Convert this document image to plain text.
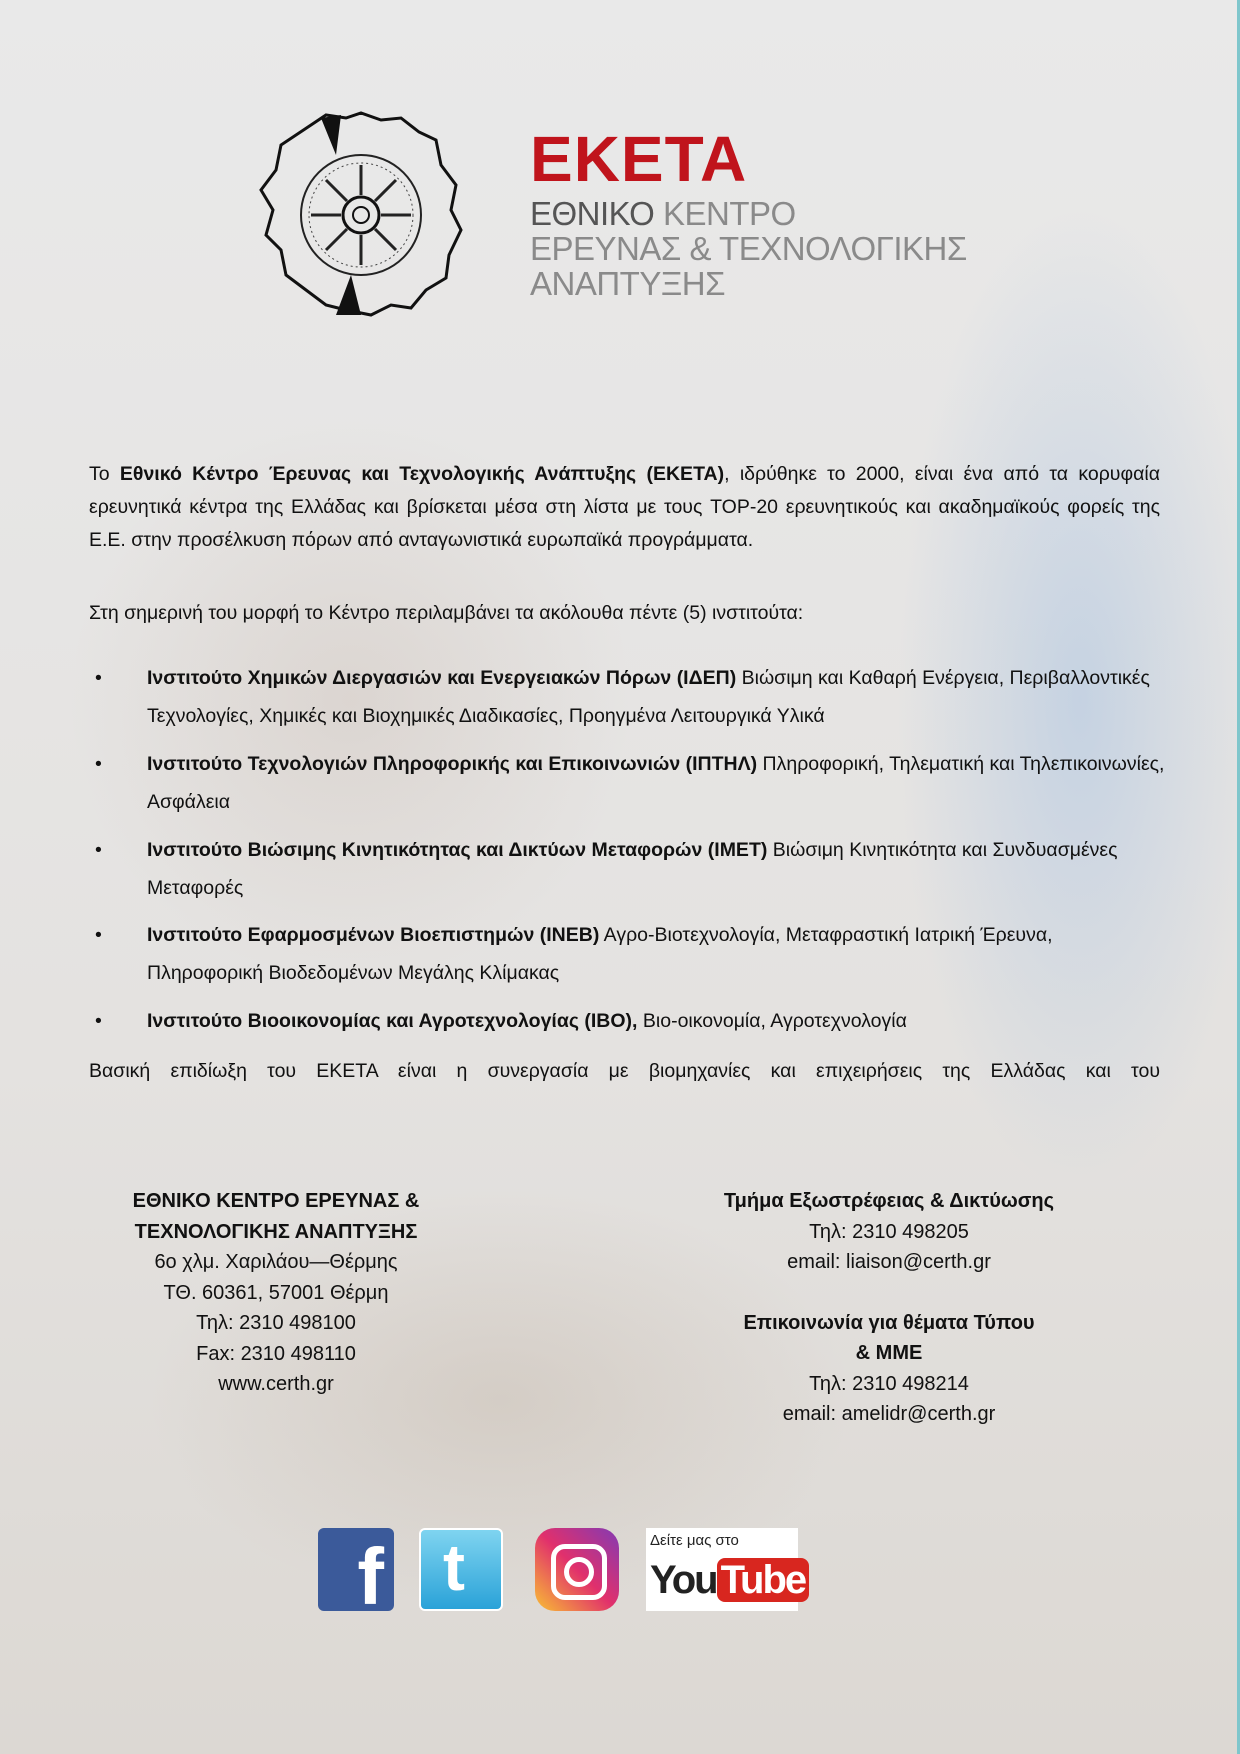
ΕΚΕΤΑ
ΕΘΝΙΚΟ ΚΕΝΤΡΟ
ΕΡΕΥΝΑΣ & ΤΕΧΝΟΛΟΓΙΚΗΣ
ΑΝΑΠΤΥΞΗΣ
Το Εθνικό Κέντρο Έρευνας και Τεχνολογικής Ανάπτυξης (ΕΚΕΤΑ), ιδρύθηκε το 2000, είναι ένα από τα κορυφαία ερευνητικά κέντρα της Ελλάδας και βρίσκεται μέσα στη λίστα με τους TOP-20 ερευνητικούς και ακαδημαϊκούς φορείς της Ε.Ε. στην προσέλκυση πόρων από ανταγωνιστικά ευρωπαϊκά προγράμματα.
Στη σημερινή του μορφή το Κέντρο περιλαμβάνει τα ακόλουθα πέντε (5) ινστιτούτα:
• Ινστιτούτο Χημικών Διεργασιών και Ενεργειακών Πόρων (ΙΔΕΠ) Βιώσιμη και Καθαρή Ενέργεια, Περιβαλλοντικές Τεχνολογίες, Χημικές και Βιοχημικές Διαδικασίες, Προηγμένα Λειτουργικά Υλικά
• Ινστιτούτο Τεχνολογιών Πληροφορικής και Επικοινωνιών (ΙΠΤΗΛ) Πληροφορική, Τηλεματική και Τηλεπικοινωνίες, Ασφάλεια
• Ινστιτούτο Βιώσιμης Κινητικότητας και Δικτύων Μεταφορών (ΙΜΕΤ) Βιώσιμη Κινητικότητα και Συνδυασμένες Μεταφορές
• Ινστιτούτο Εφαρμοσμένων Βιοεπιστημών (ΙΝΕΒ) Αγρο-Βιοτεχνολογία, Μεταφραστική Ιατρική Έρευνα, Πληροφορική Βιοδεδομένων Μεγάλης Κλίμακας
• Ινστιτούτο Βιοοικονομίας και Αγροτεχνολογίας (ΙΒΟ), Βιο-οικονομία, Αγροτεχνολογία
Βασική επιδίωξη του ΕΚΕΤΑ είναι η συνεργασία με βιομηχανίες και επιχειρήσεις της Ελλάδας και του
ΕΘΝΙΚΟ ΚΕΝΤΡΟ ΕΡΕΥΝΑΣ &
ΤΕΧΝΟΛΟΓΙΚΗΣ ΑΝΑΠΤΥΞΗΣ
6ο χλμ. Χαριλάου—Θέρμης
ΤΘ. 60361, 57001 Θέρμη
Τηλ: 2310 498100
Fax: 2310 498110
www.certh.gr
Τμήμα Εξωστρέφειας & Δικτύωσης
Τηλ: 2310 498205
email: liaison@certh.gr
Επικοινωνία για θέματα Τύπου
& ΜΜΕ
Τηλ: 2310 498214
email: amelidr@certh.gr
f t	Δείτε μας στο
You Tube
